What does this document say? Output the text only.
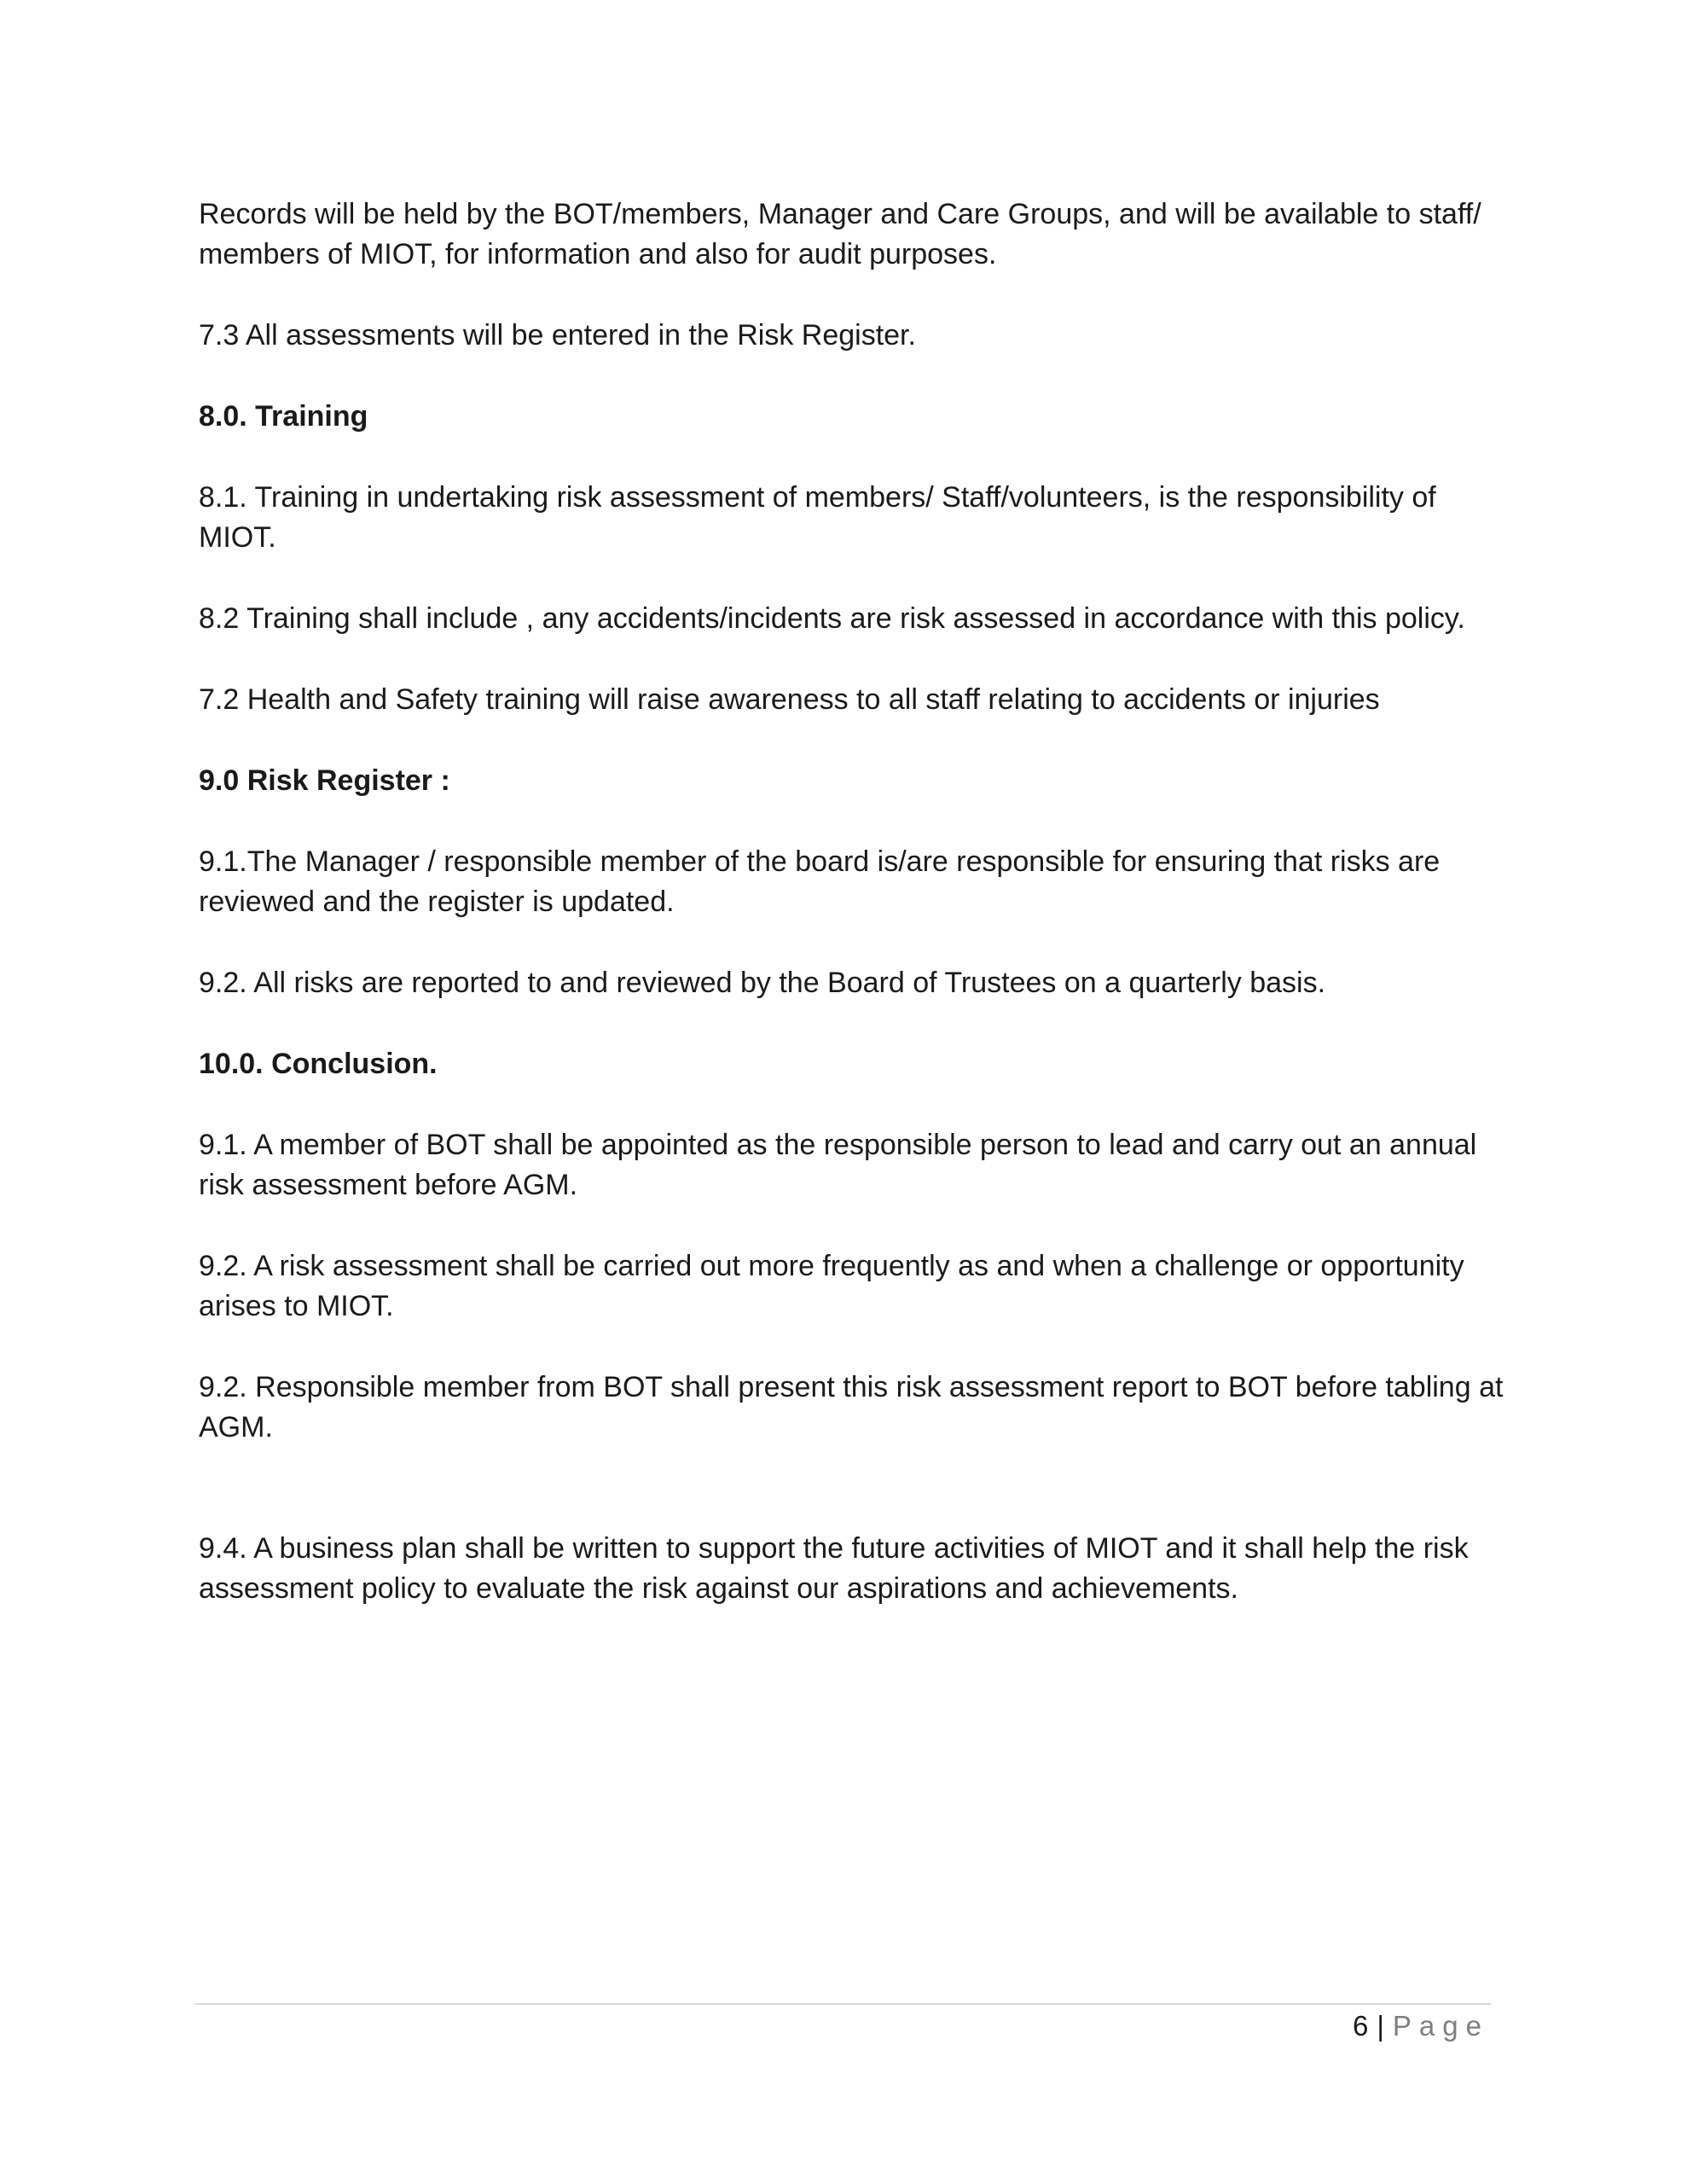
Records will be held by the BOT/members, Manager and Care Groups, and will be available to staff/ members of MIOT, for information and also for audit purposes.

7.3 All assessments will be entered in the Risk Register.

8.0. Training

8.1. Training in undertaking risk assessment of members/ Staff/volunteers, is the responsibility of MIOT.

8.2 Training shall include , any accidents/incidents are risk assessed in accordance with this policy.

7.2 Health and Safety training will raise awareness to all staff relating to accidents or injuries

9.0 Risk Register :

9.1.The Manager / responsible member of the board is/are responsible for ensuring that risks are reviewed and the register is updated.

9.2. All risks are reported to and reviewed by the Board of Trustees on a quarterly basis.

10.0. Conclusion.

9.1. A member of BOT shall be appointed as the responsible person to lead and carry out an annual risk assessment before AGM.

9.2. A risk assessment shall be carried out more frequently as and when a challenge or opportunity arises to MIOT.

9.2. Responsible member from BOT shall present this risk assessment report to BOT before tabling at AGM.

9.4. A business plan shall be written to support the future activities of MIOT and it shall help the risk assessment policy to evaluate the risk against our aspirations and achievements.

6 | Page
